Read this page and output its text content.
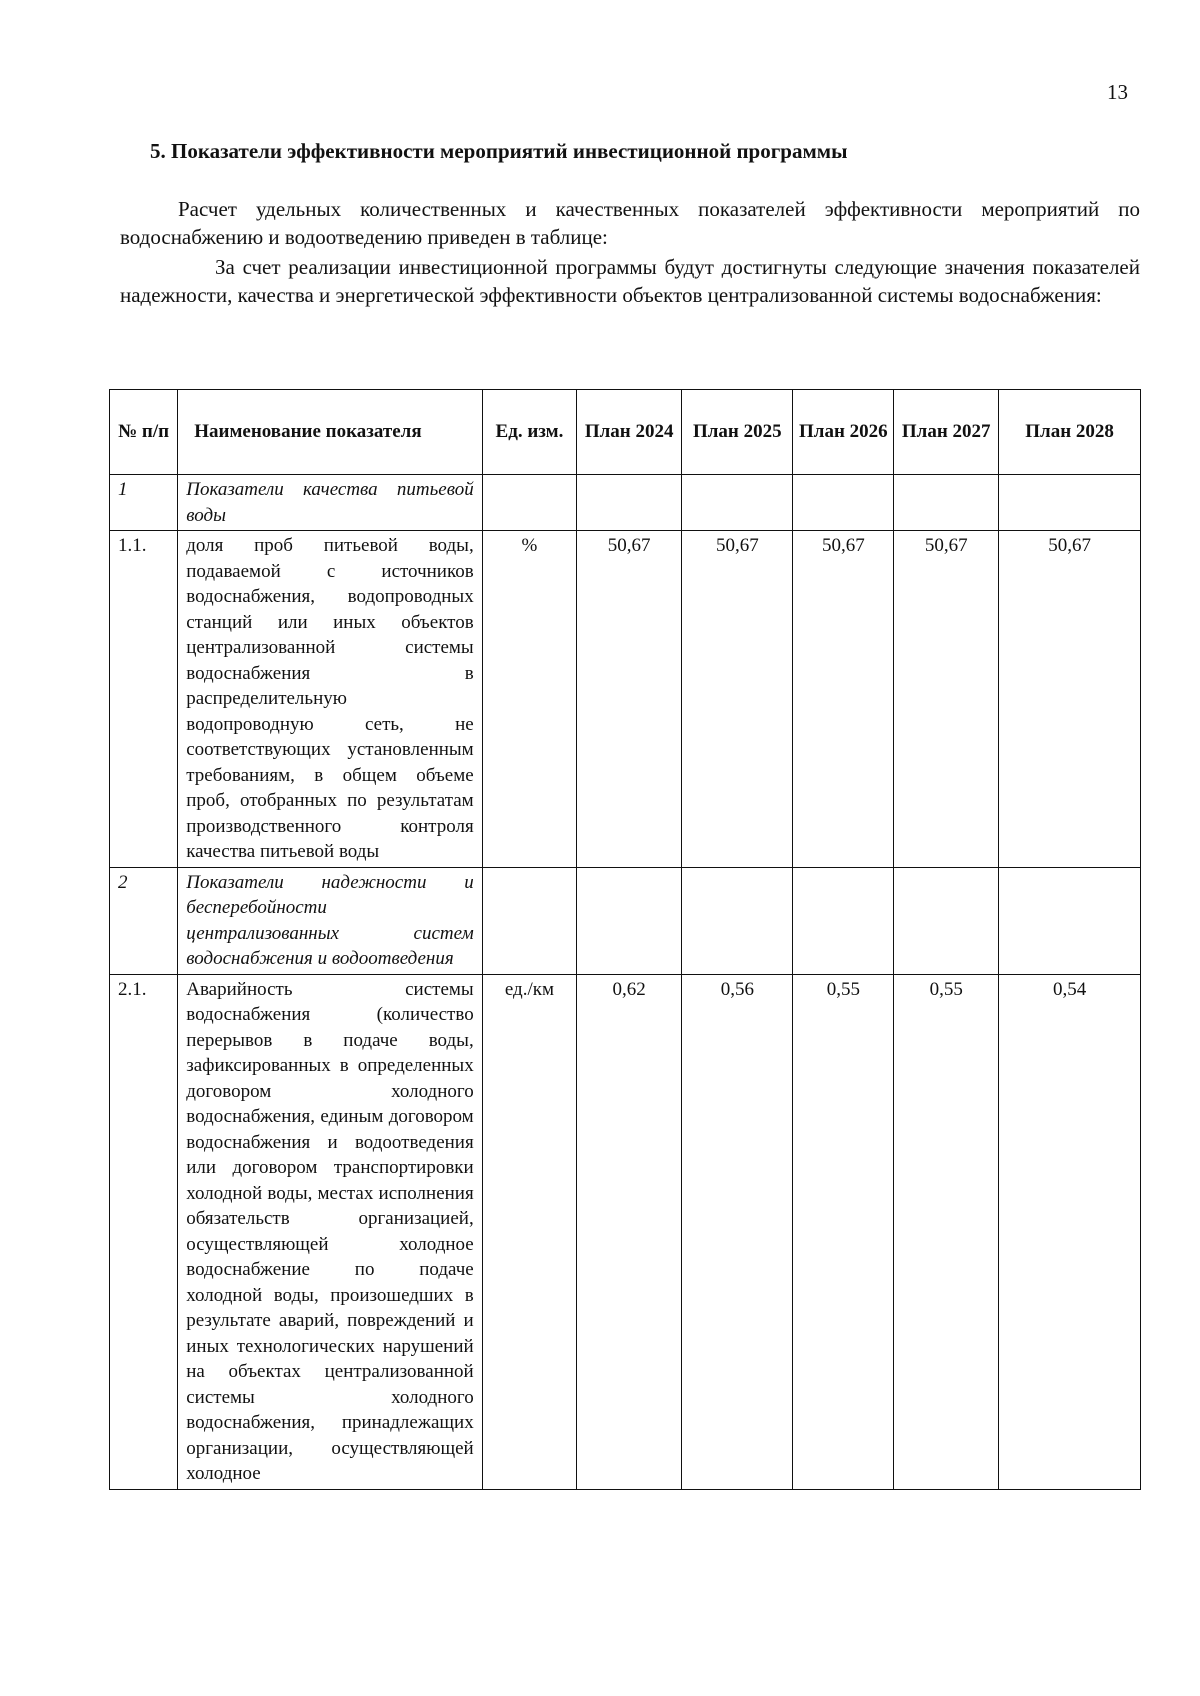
13
5. Показатели эффективности мероприятий инвестиционной программы
Расчет удельных количественных и качественных показателей эффективности мероприятий по водоснабжению и водоотведению приведен в таблице:
За счет реализации инвестиционной программы будут достигнуты следующие значения показателей надежности, качества и энергетической эффективности объектов централизованной системы водоснабжения:
№ п/п	Наименование показателя	Ед. изм.	План 2024	План 2025	План 2026	План 2027	План 2028
1	Показатели качества питьевой воды						
1.1.	доля проб питьевой воды, подаваемой с источников водоснабжения, водопроводных станций или иных объектов централизованной системы водоснабжения в распределительную водопроводную сеть, не соответствующих установленным требованиям, в общем объеме проб, отобранных по результатам производственного контроля качества питьевой воды	%	50,67	50,67	50,67	50,67	50,67
2	Показатели надежности и бесперебойности централизованных систем водоснабжения и водоотведения						
2.1.	Аварийность системы водоснабжения (количество перерывов в подаче воды, зафиксированных в определенных договором холодного водоснабжения, единым договором водоснабжения и водоотведения или договором транспортировки холодной воды, местах исполнения обязательств организацией, осуществляющей холодное водоснабжение по подаче холодной воды, произошедших в результате аварий, повреждений и иных технологических нарушений на объектах централизованной системы холодного водоснабжения, принадлежащих организации, осуществляющей холодное	ед./км	0,62	0,56	0,55	0,55	0,54
